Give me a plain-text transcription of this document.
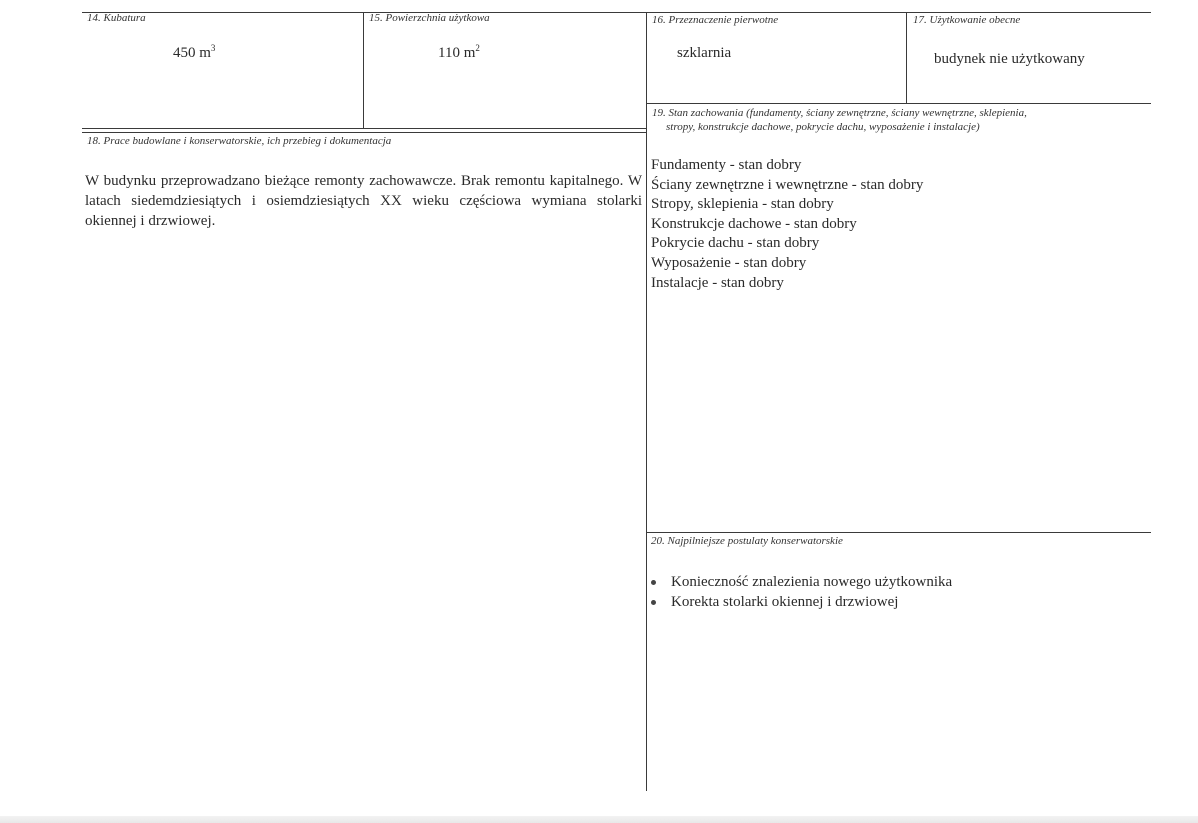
14. Kubatura
450 $m^3$
15. Powierzchnia użytkowa
110 $m^2$
16. Przeznaczenie pierwotne
szklarnia
17. Użytkowanie obecne
budynek nie użytkowany
18. Prace budowlane i konserwatorskie, ich przebieg i dokumentacja
W budynku przeprowadzano bieżące remonty zachowawcze. Brak remontu kapitalnego. W latach siedemdziesiątych i osiemdziesiątych XX wieku częściowa wymiana stolarki okiennej i drzwiowej.
19. Stan zachowania (fundamenty, ściany zewnętrzne, ściany wewnętrzne, sklepienia,
stropy, konstrukcje dachowe, pokrycie dachu, wyposażenie i instalacje)
Fundamenty - stan dobry
Ściany zewnętrzne i wewnętrzne - stan dobry
Stropy, sklepienia - stan dobry
Konstrukcje dachowe - stan dobry
Pokrycie dachu - stan dobry
Wyposażenie - stan dobry
Instalacje - stan dobry
20. Najpilniejsze postulaty konserwatorskie
Konieczność znalezienia nowego użytkownika
Korekta stolarki okiennej i drzwiowej
